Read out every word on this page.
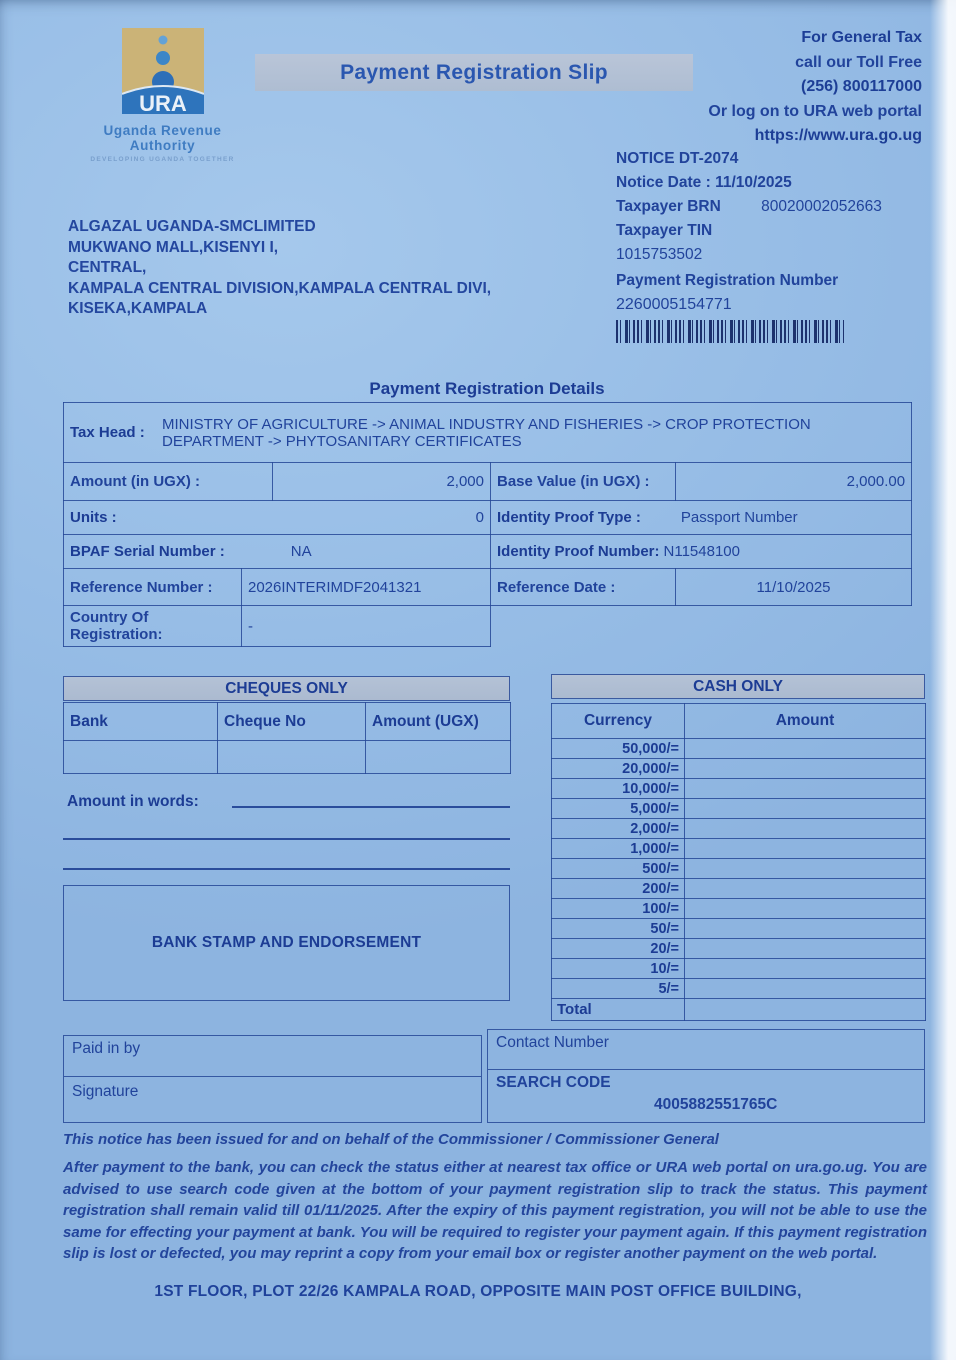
URA
Uganda Revenue Authority
DEVELOPING UGANDA TOGETHER
Payment Registration Slip
For General Tax
call our Toll Free
(256) 800117000
Or log on to URA web portal
https://www.ura.go.ug
NOTICE DT-2074
Notice Date : 11/10/2025
Taxpayer BRN	80020002052663
Taxpayer TIN
1015753502
Payment Registration Number
2260005154771
ALGAZAL UGANDA-SMCLIMITED
MUKWANO MALL,KISENYI I,
CENTRAL,
KAMPALA CENTRAL DIVISION,KAMPALA CENTRAL DIVI,
KISEKA,KAMPALA
Payment Registration Details
Tax Head : MINISTRY OF AGRICULTURE -> ANIMAL INDUSTRY AND FISHERIES -> CROP PROTECTION DEPARTMENT -> PHYTOSANITARY CERTIFICATES				

Amount (in UGX) :		2,000	Base Value (in UGX) :	2,000.00

Units : 0			Identity Proof Type : Passport Number	

BPAF Serial Number : NA			Identity Proof Number: N11548100	

Reference Number :	2026INTERIMDF2041321		Reference Date :	11/10/2025
Country Of Registration:	-			
CHEQUES ONLY
Bank	Cheque No	Amount (UGX)

Amount in words:
BANK STAMP AND ENDORSEMENT
CASH ONLY
Currency	Amount
50,000/=	
20,000/=	
10,000/=	
5,000/=	
2,000/=	
1,000/=	
500/=	
200/=	
100/=	
50/=	
20/=	
10/=	
5/=	
Total	
Paid in by
Signature
Contact Number
SEARCH CODE
4005882551765C
This notice has been issued for and on behalf of the Commissioner / Commissioner General
After payment to the bank, you can check the status either at nearest tax office or URA web portal on ura.go.ug. You are advised to use search code given at the bottom of your payment registration slip to track the status. This payment registration shall remain valid till 01/11/2025. After the expiry of this payment registration, you will not be able to use the same for effecting your payment at bank. You will be required to register your payment again. If this payment registration slip is lost or defected, you may reprint a copy from your email box or register another payment on the web portal.
1ST FLOOR, PLOT 22/26 KAMPALA ROAD, OPPOSITE MAIN POST OFFICE BUILDING,
